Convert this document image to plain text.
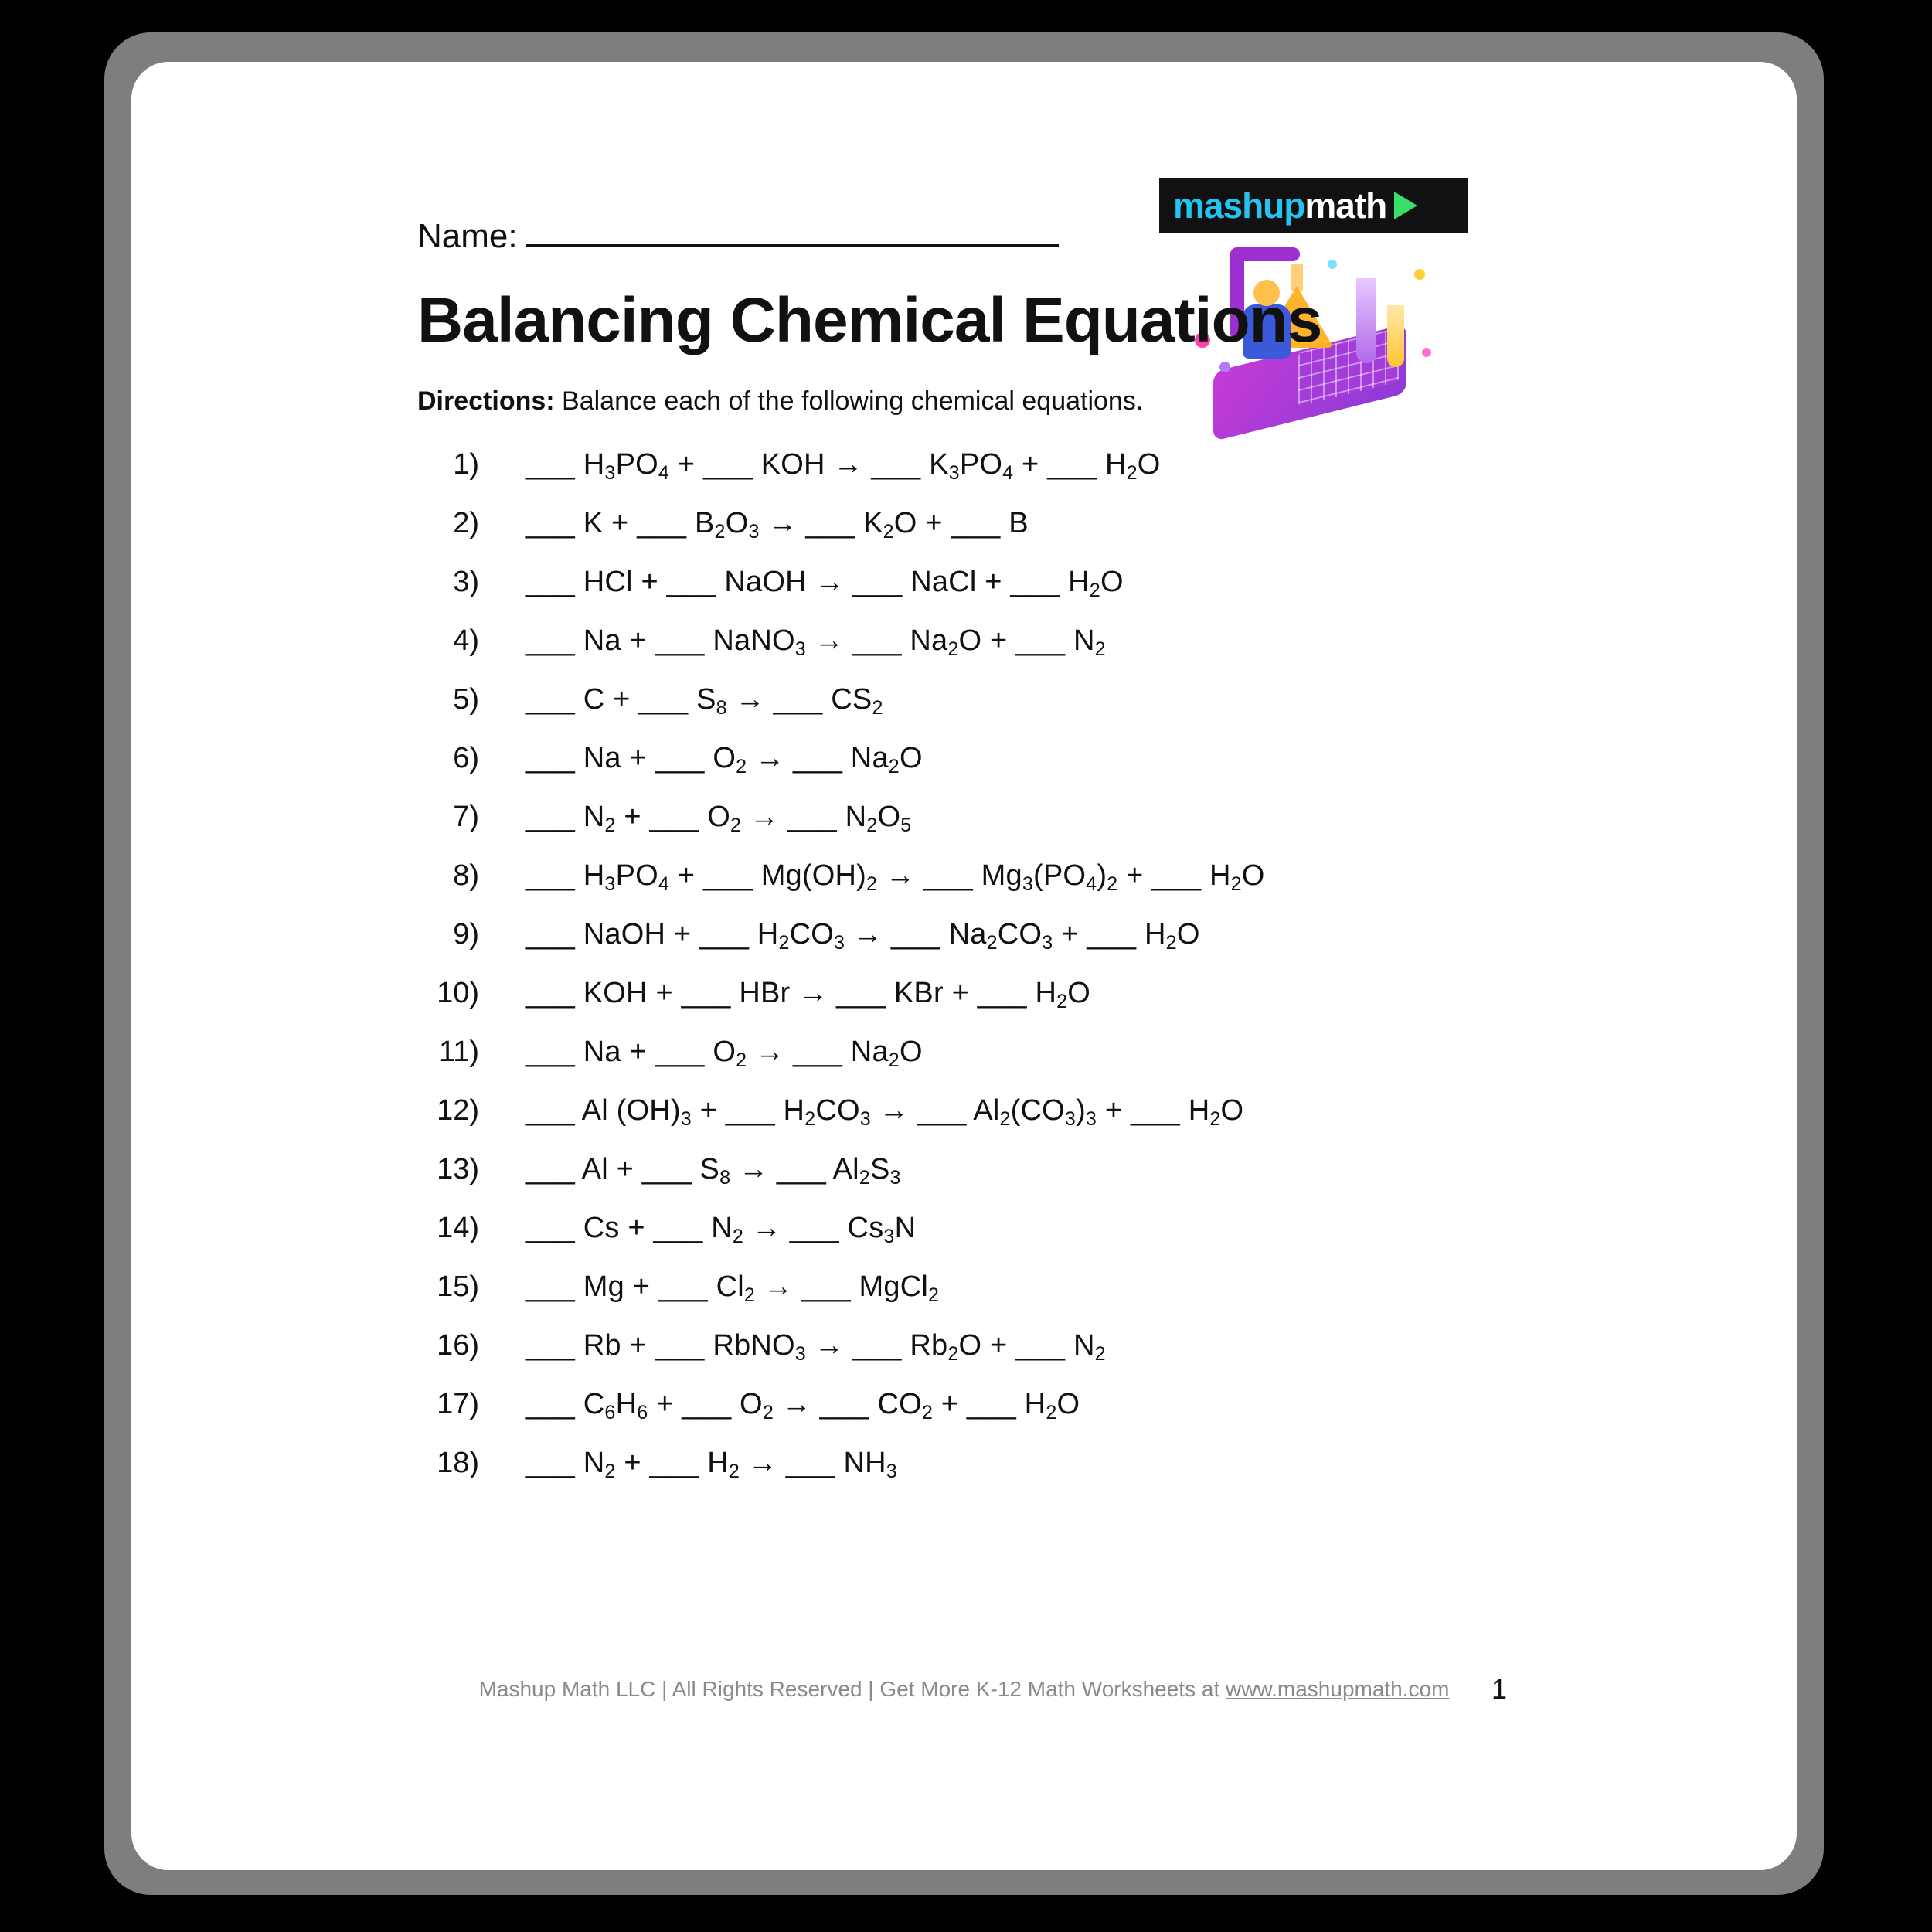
Name:
mashup math
Balancing Chemical Equations
Directions: Balance each of the following chemical equations.
1)	___ $H_3PO_4$ + ___ KOH → ___ $K_3PO_4$ + ___ $H_2O$
2)	___ K + ___ $B_2O_3$ → ___ $K_2O$ + ___ B
3)	___ HCl + ___ NaOH → ___ NaCl + ___ $H_2O$
4)	___ Na + ___ NaNO$_3$ → ___ $Na_2O$ + ___ $N_2$
5)	___ C + ___ $S_8$ → ___ $CS_2$
6)	___ Na + ___ $O_2$ → ___ $Na_2O$
7)	___ $N_2$ + ___ $O_2$ → ___ $N_2O_5$
8)	___ $H_3PO_4$ + ___ $Mg(OH)_2$ → ___ $Mg_3(PO_4)_2$ + ___ $H_2O$
9)	___ NaOH + ___ $H_2CO_3$ → ___ $Na_2CO_3$ + ___ $H_2O$
10)	___ KOH + ___ HBr → ___ KBr + ___ $H_2O$
11)	___ Na + ___ $O_2$ → ___ $Na_2O$
12)	___ Al $(OH)_3$ + ___ $H_2CO_3$ → ___ $Al_2(CO_3)_3$ + ___ $H_2O$
13)	___ Al + ___ $S_8$ → ___ $Al_2S_3$
14)	___ Cs + ___ $N_2$ → ___ $Cs_3N$
15)	___ Mg + ___ $Cl_2$ → ___ MgCl$_2$
16)	___ Rb + ___ RbNO$_3$ → ___ $Rb_2O$ + ___ $N_2$
17)	___ $C_6H_6$ + ___ $O_2$ → ___ $CO_2$ + ___ $H_2O$
18)	___ $N_2$ + ___ $H_2$ → ___ $NH_3$
Mashup Math LLC | All Rights Reserved | Get More K-12 Math Worksheets at www.mashupmath.com	1
